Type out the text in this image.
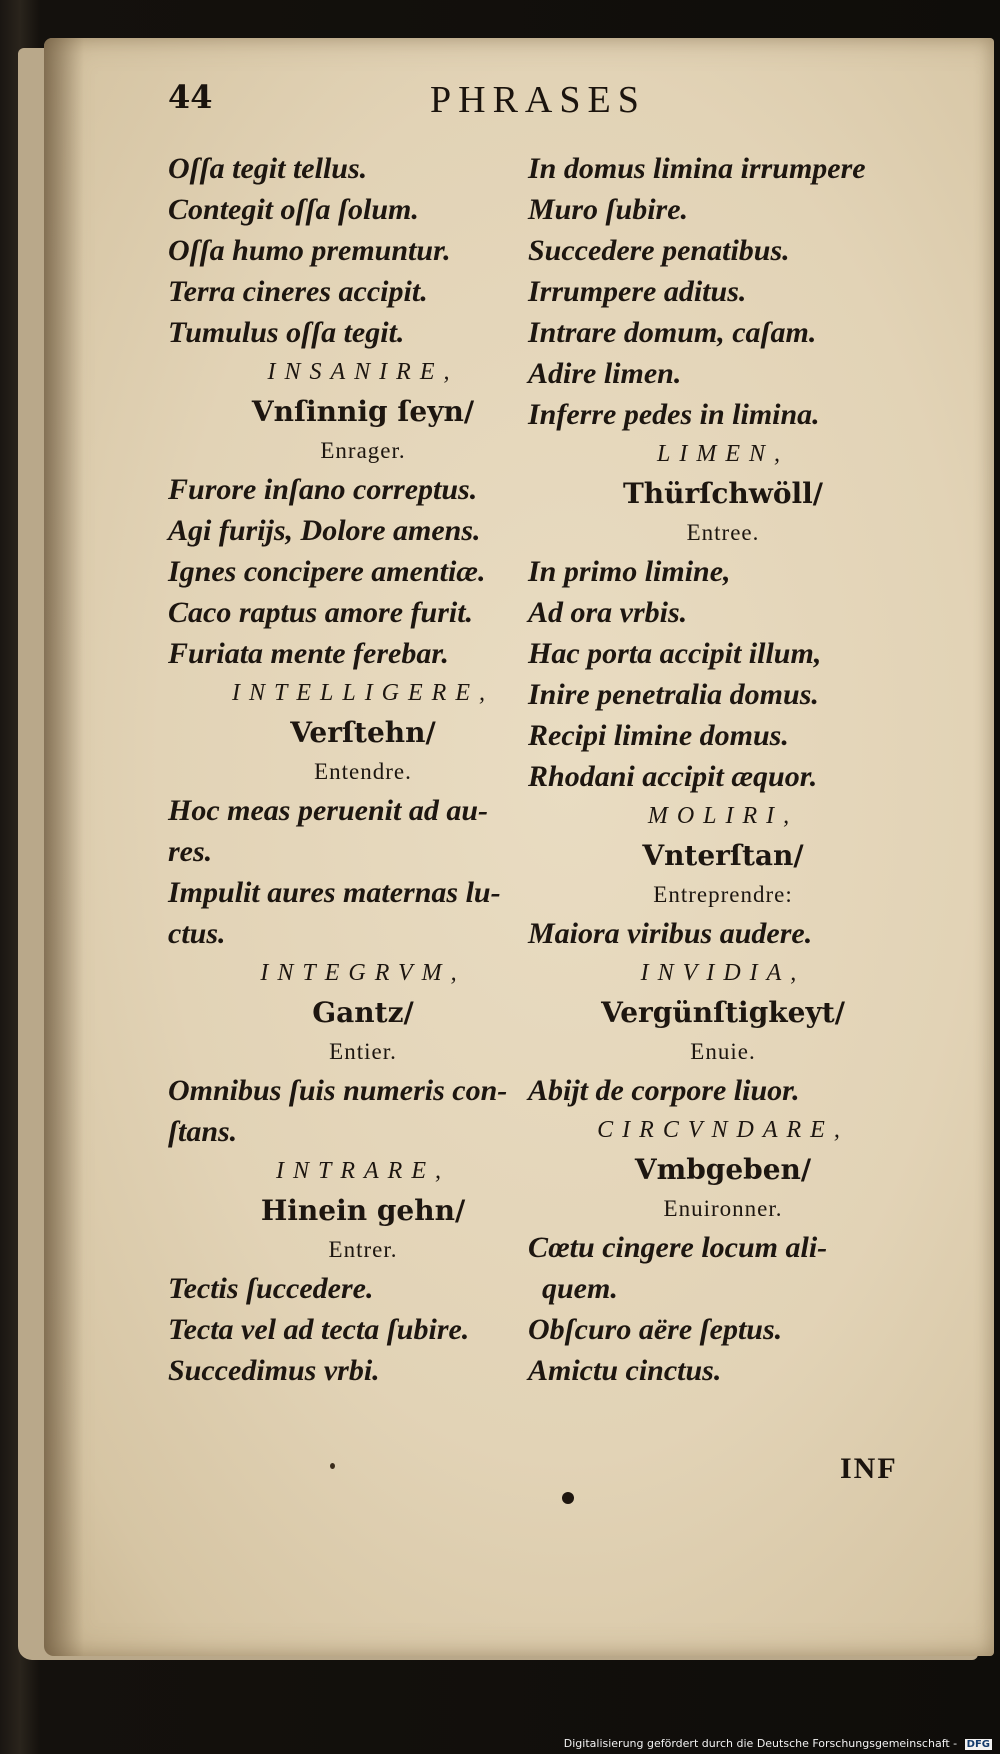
44	PHRASES

Oſſa tegit tellus.

Contegit oſſa ſolum.

Oſſa humo premuntur.

Terra cineres accipit.

Tumulus oſſa tegit.

INSANIRE,

Vnſinnig ſeyn/

Enrager.

Furore inſano correptus.

Agi furijs, Dolore amens.

Ignes concipere amentiæ.

Caco raptus amore furit.

Furiata mente ferebar.

INTELLIGERE,

Verſtehn/

Entendre.

Hoc meas peruenit ad au-

res.

Impulit aures maternas lu-

ctus.

INTEGRVM,

Gantz/

Entier.

Omnibus ſuis numeris con-

ſtans.

INTRARE,

Hinein gehn/

Entrer.

Tectis ſuccedere.

Tecta vel ad tecta ſubire.

Succedimus vrbi.

In domus limina irrumpere

Muro ſubire.

Succedere penatibus.

Irrumpere aditus.

Intrare domum, caſam.

Adire limen.

Inferre pedes in limina.

LIMEN,

Thürſchwöll/

Entree.

In primo limine,

Ad ora vrbis.

Hac porta accipit illum,

Inire penetralia domus.

Recipi limine domus.

Rhodani accipit æquor.

MOLIRI,

Vnterſtan/

Entreprendre:

Maiora viribus audere.

INVIDIA,

Vergünſtigkeyt/

Enuie.

Abijt de corpore liuor.

CIRCVNDARE,

Vmbgeben/

Enuironner.

Cœtu cingere locum ali-

quem.

Obſcuro aëre ſeptus.

Amictu cinctus.

INF
Digitalisierung gefördert durch die Deutsche Forschungsgemeinschaft - DFG
